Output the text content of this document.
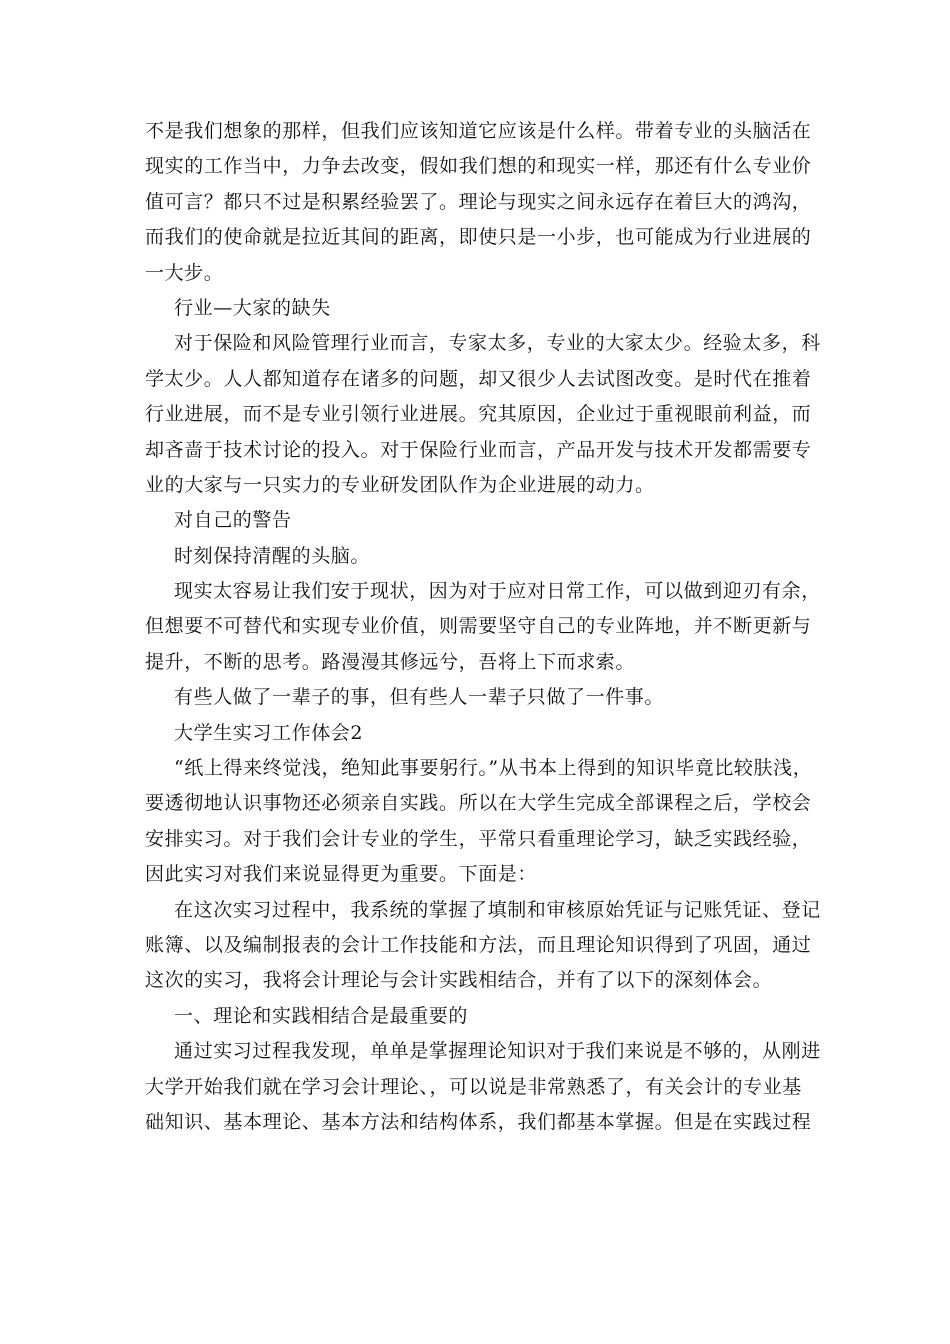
不是我们想象的那样，但我们应该知道它应该是什么样。带着专业的头脑活在
现实的工作当中，力争去改变，假如我们想的和现实一样，那还有什么专业价
值可言？都只不过是积累经验罢了。理论与现实之间永远存在着巨大的鸿沟，
而我们的使命就是拉近其间的距离，即使只是一小步，也可能成为行业进展的
一大步。
行业—大家的缺失
对于保险和风险管理行业而言，专家太多，专业的大家太少。经验太多，科
学太少。人人都知道存在诸多的问题，却又很少人去试图改变。是时代在推着
行业进展，而不是专业引领行业进展。究其原因，企业过于重视眼前利益，而
却吝啬于技术讨论的投入。对于保险行业而言，产品开发与技术开发都需要专
业的大家与一只实力的专业研发团队作为企业进展的动力。
对自己的警告
时刻保持清醒的头脑。
现实太容易让我们安于现状，因为对于应对日常工作，可以做到迎刃有余，
但想要不可替代和实现专业价值，则需要坚守自己的专业阵地，并不断更新与
提升，不断的思考。路漫漫其修远兮，吾将上下而求索。
有些人做了一辈子的事，但有些人一辈子只做了一件事。
大学生实习工作体会2
“纸上得来终觉浅，绝知此事要躬行。”从书本上得到的知识毕竟比较肤浅，
要透彻地认识事物还必须亲自实践。所以在大学生完成全部课程之后，学校会
安排实习。对于我们会计专业的学生，平常只看重理论学习，缺乏实践经验，
因此实习对我们来说显得更为重要。下面是：
在这次实习过程中，我系统的掌握了填制和审核原始凭证与记账凭证、登记
账簿、以及编制报表的会计工作技能和方法，而且理论知识得到了巩固，通过
这次的实习，我将会计理论与会计实践相结合，并有了以下的深刻体会。
一、理论和实践相结合是最重要的
通过实习过程我发现，单单是掌握理论知识对于我们来说是不够的，从刚进
大学开始我们就在学习会计理论、，可以说是非常熟悉了，有关会计的专业基
础知识、基本理论、基本方法和结构体系，我们都基本掌握。但是在实践过程
